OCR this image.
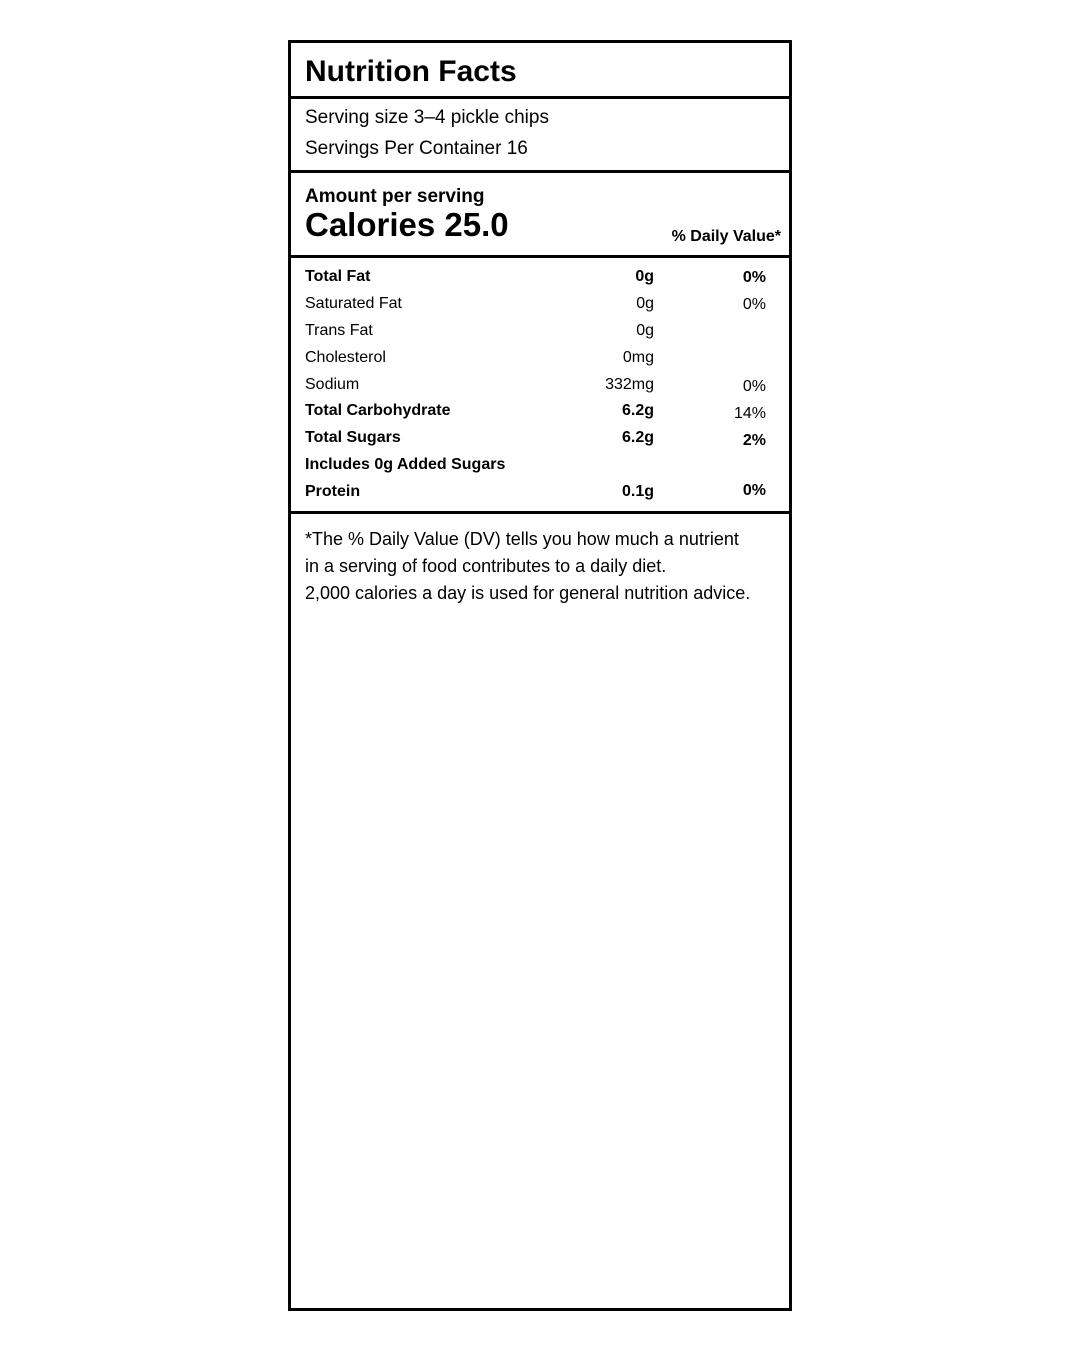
Nutrition Facts
Serving size 3–4 pickle chips
Servings Per Container 16
Amount per serving
Calories 25.0	% Daily Value*
Total Fat	0g	0%
Saturated Fat	0g	0%
Trans Fat	0g
Cholesterol	0mg
Sodium	332mg	0%
Total Carbohydrate	6.2g	14%
Total Sugars	6.2g	2%
Includes 0g Added Sugars
Protein	0.1g	0%
*The % Daily Value (DV) tells you how much a nutrient
in a serving of food contributes to a daily diet.
2,000 calories a day is used for general nutrition advice.
